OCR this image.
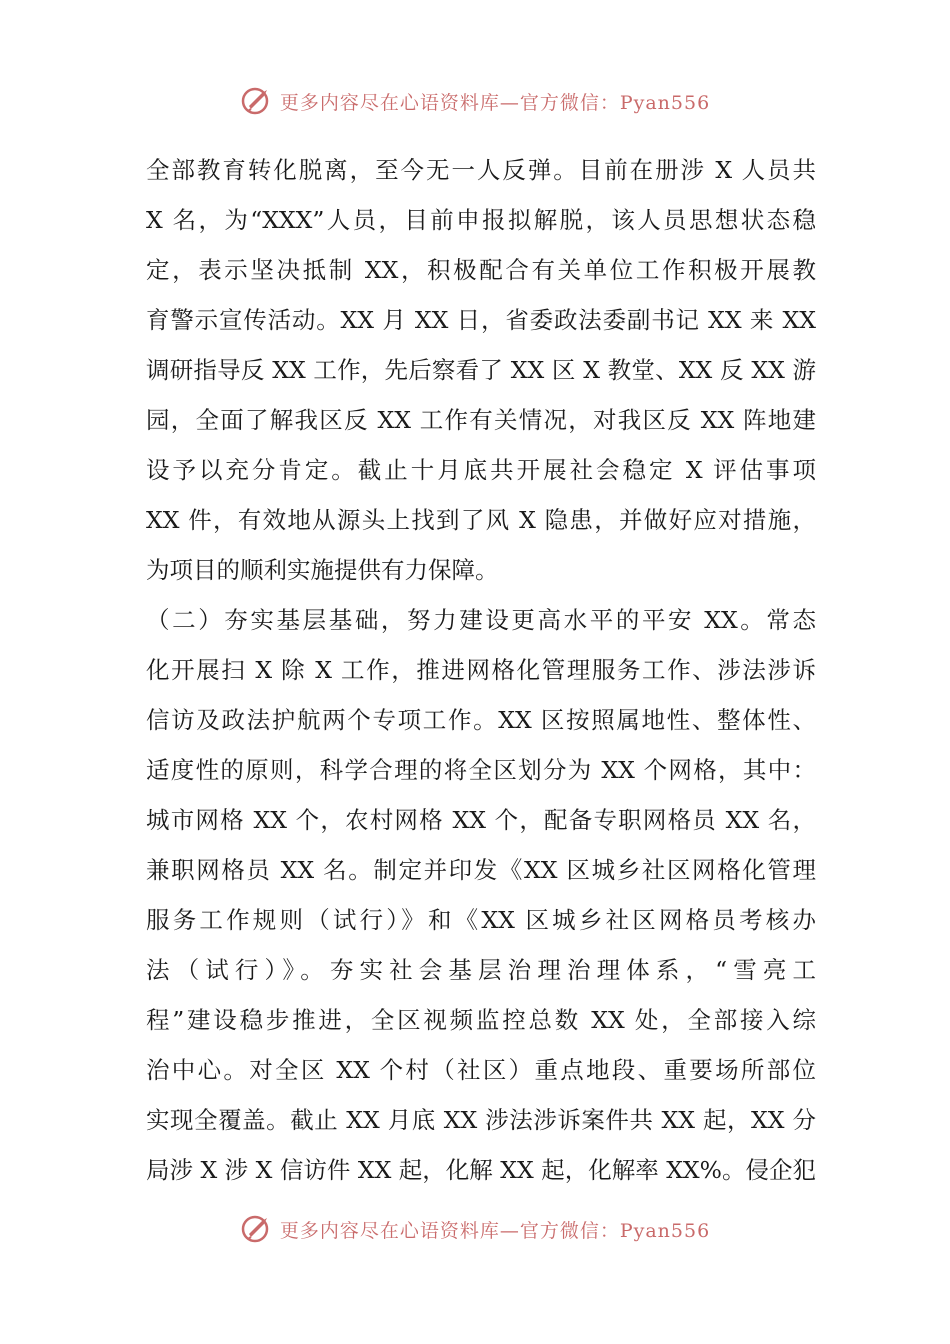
更多内容尽在心语资料库—官方微信：Pyan556
全部教育转化脱离，至今无一人反弹。目前在册涉 X 人员共
X 名，为“XXX”人员，目前申报拟解脱，该人员思想状态稳
定，表示坚决抵制 XX，积极配合有关单位工作积极开展教
育警示宣传活动。XX 月 XX 日，省委政法委副书记 XX 来 XX
调研指导反 XX 工作，先后察看了 XX 区 X 教堂、XX 反 XX 游
园，全面了解我区反 XX 工作有关情况，对我区反 XX 阵地建
设予以充分肯定。截止十月底共开展社会稳定 X 评估事项
XX 件，有效地从源头上找到了风 X 隐患，并做好应对措施，
为项目的顺利实施提供有力保障。
（二）夯实基层基础，努力建设更高水平的平安 XX。常态
化开展扫 X 除 X 工作，推进网格化管理服务工作、涉法涉诉
信访及政法护航两个专项工作。XX 区按照属地性、整体性、
适度性的原则，科学合理的将全区划分为 XX 个网格，其中：
城市网格 XX 个，农村网格 XX 个，配备专职网格员 XX 名，
兼职网格员 XX 名。制定并印发《XX 区城乡社区网格化管理
服务工作规则（试行）》和《XX 区城乡社区网格员考核办
法（试行）》。夯实社会基层治理治理体系，“雪亮工
程”建设稳步推进，全区视频监控总数 XX 处，全部接入综
治中心。对全区 XX 个村（社区）重点地段、重要场所部位
实现全覆盖。截止 XX 月底 XX 涉法涉诉案件共 XX 起，XX 分
局涉 X 涉 X 信访件 XX 起，化解 XX 起，化解率 XX%。侵企犯
更多内容尽在心语资料库—官方微信：Pyan556
